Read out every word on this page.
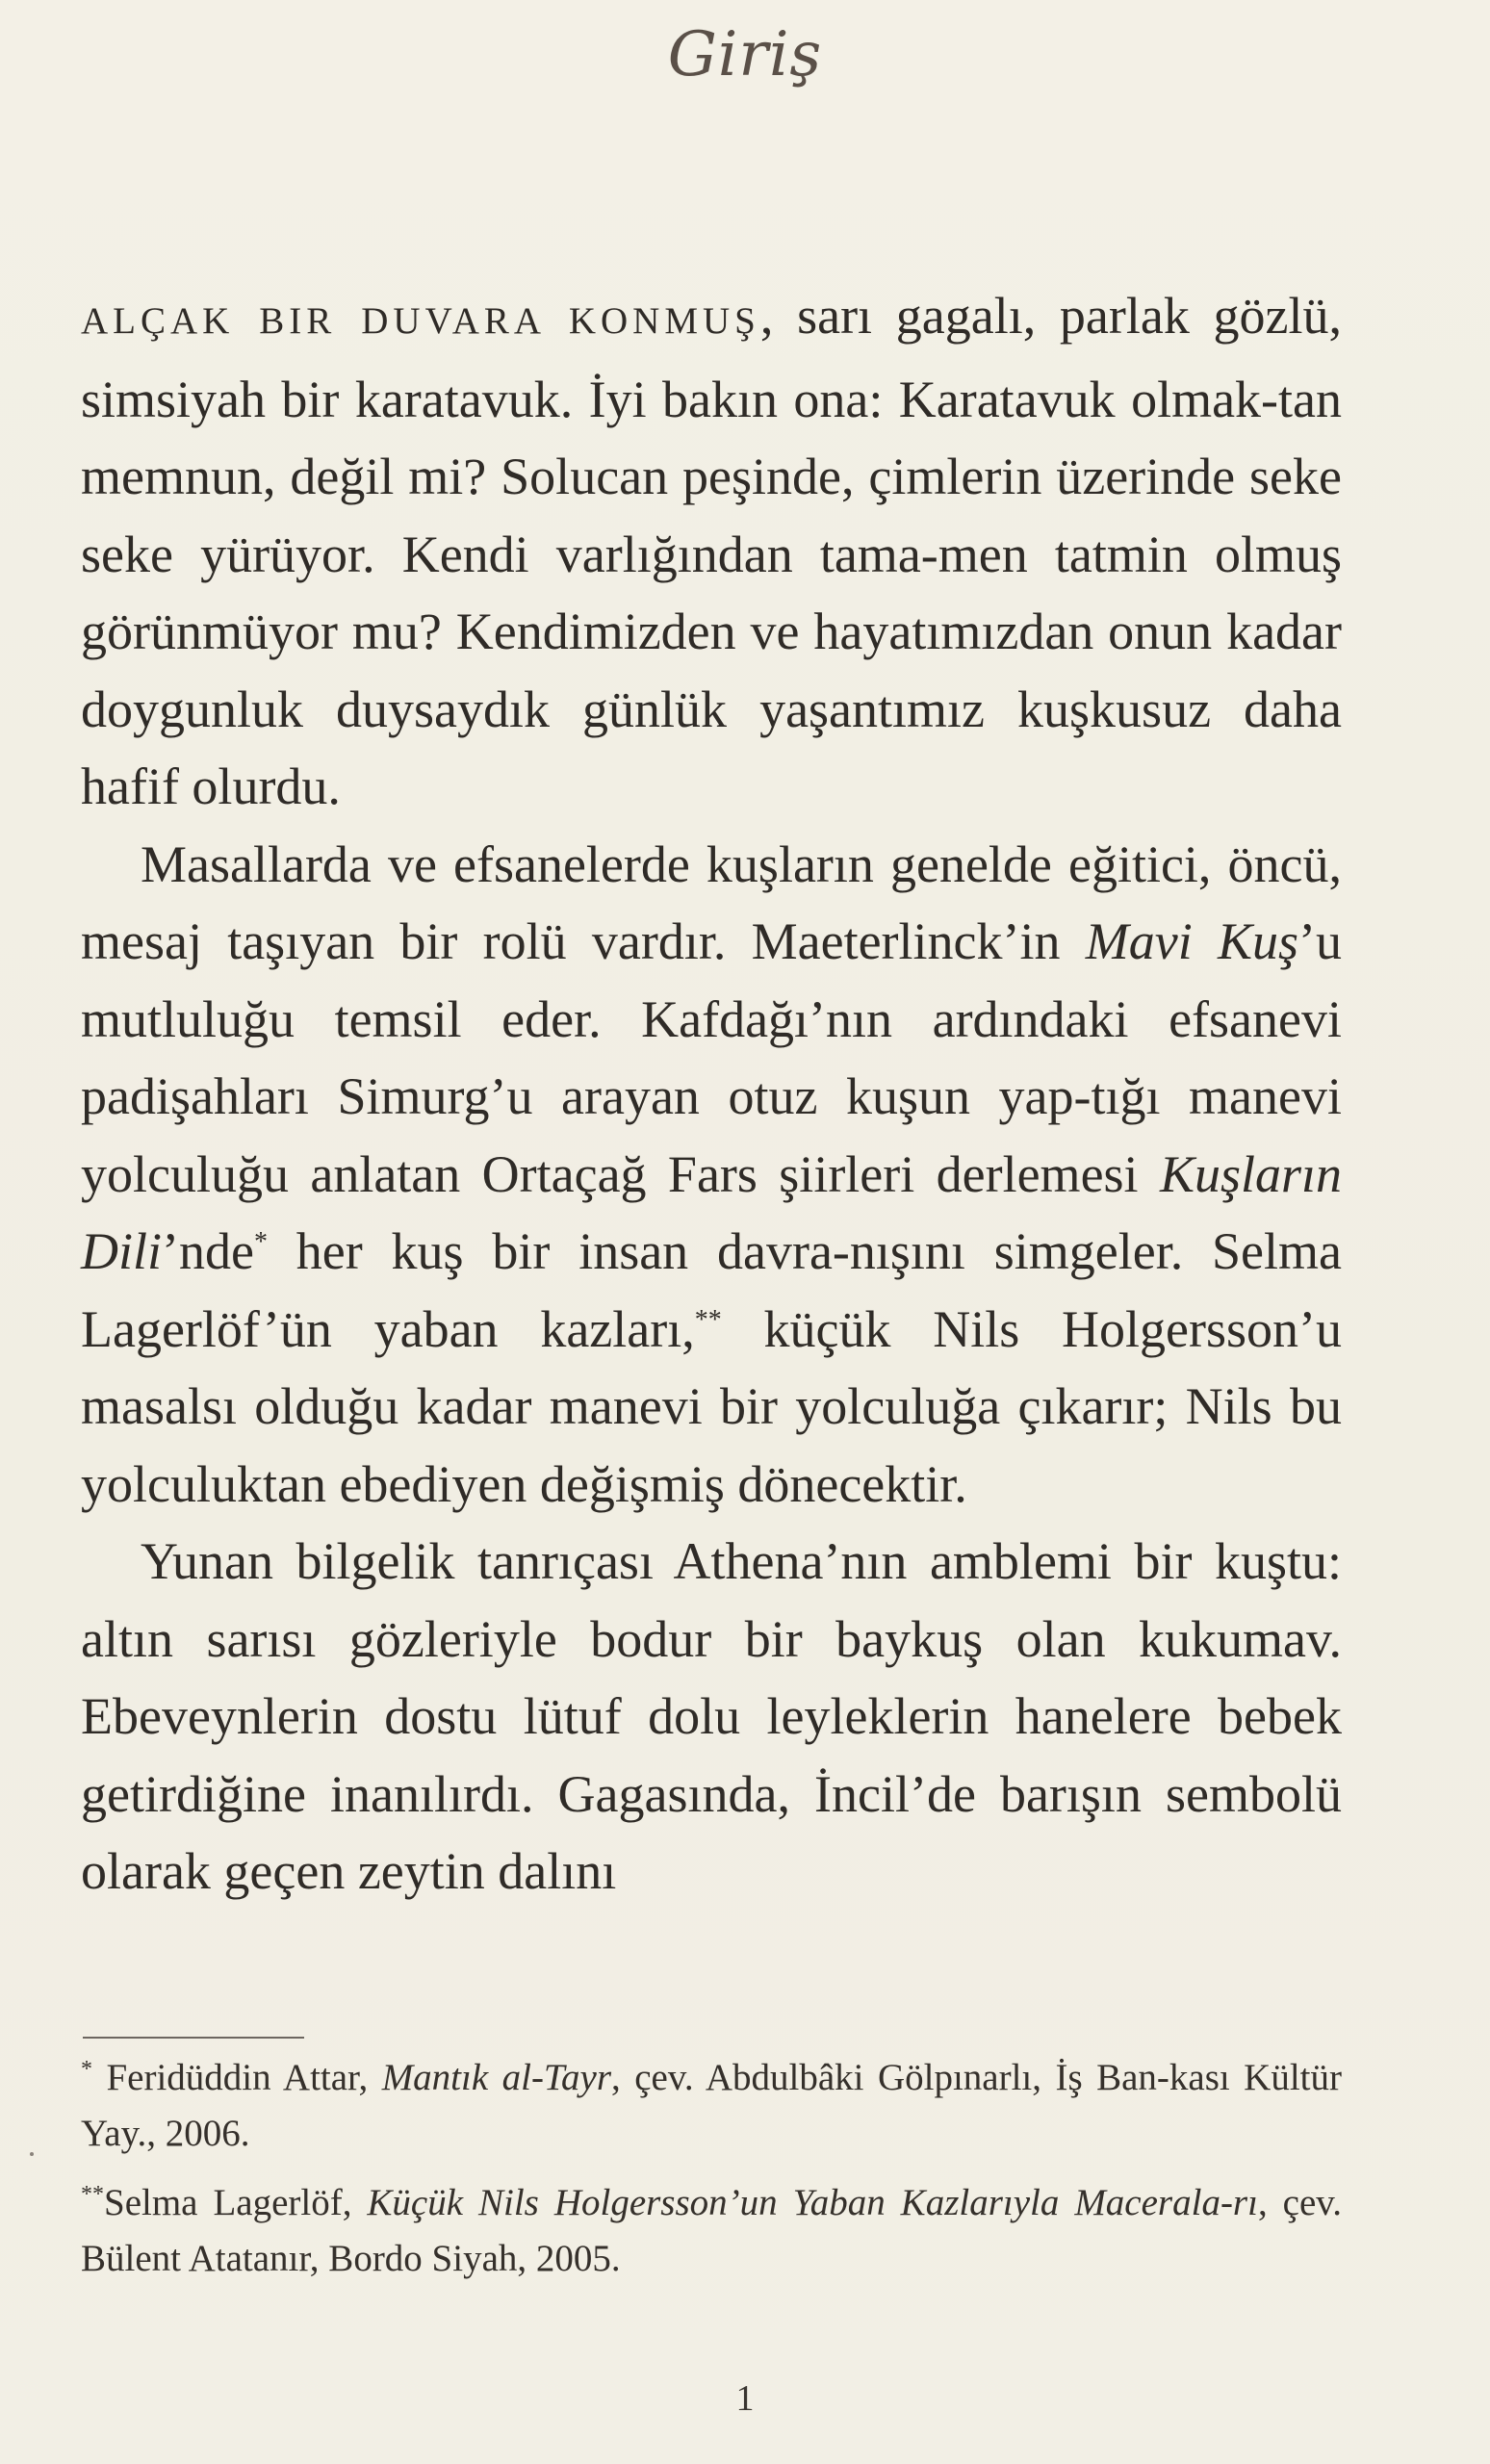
Giriş

ALÇAK BIR DUVARA KONMUŞ, sarı gagalı, parlak gözlü, simsiyah bir karatavuk. İyi bakın ona: Karatavuk olmak-​tan memnun, değil mi? Solucan peşinde, çimlerin üzerinde seke seke yürüyor. Kendi varlığından tama-​men tatmin olmuş görünmüyor mu? Kendimizden ve hayatımızdan onun kadar doygunluk duysaydık günlük yaşantımız kuşkusuz daha hafif olurdu.

Masallarda ve efsanelerde kuşların genelde eğitici, öncü, mesaj taşıyan bir rolü vardır. Maeterlinck’in Mavi Kuş’u mutluluğu temsil eder. Kafdağı’nın ardındaki efsanevi padişahları Simurg’u arayan otuz kuşun yap-​tığı manevi yolculuğu anlatan Ortaçağ Fars şiirleri derlemesi Kuşların Dili’nde* her kuş bir insan davra-​nışını simgeler. Selma Lagerlöf’ün yaban kazları,** küçük Nils Holgersson’u masalsı olduğu kadar manevi bir yolculuğa çıkarır; Nils bu yolculuktan ebediyen değişmiş dönecektir.

Yunan bilgelik tanrıçası Athena’nın amblemi bir kuştu: altın sarısı gözleriyle bodur bir baykuş olan kukumav. Ebeveynlerin dostu lütuf dolu leyleklerin hanelere bebek getirdiğine inanılırdı. Gagasında, İncil’de barışın sembolü olarak geçen zeytin dalını

* Feridüddin Attar, Mantık al-Tayr, çev. Abdulbâki Gölpınarlı, İş Ban-​kası Kültür Yay., 2006.

**Selma Lagerlöf, Küçük Nils Holgersson’un Yaban Kazlarıyla Macerala-​rı, çev. Bülent Atatanır, Bordo Siyah, 2005.

1
